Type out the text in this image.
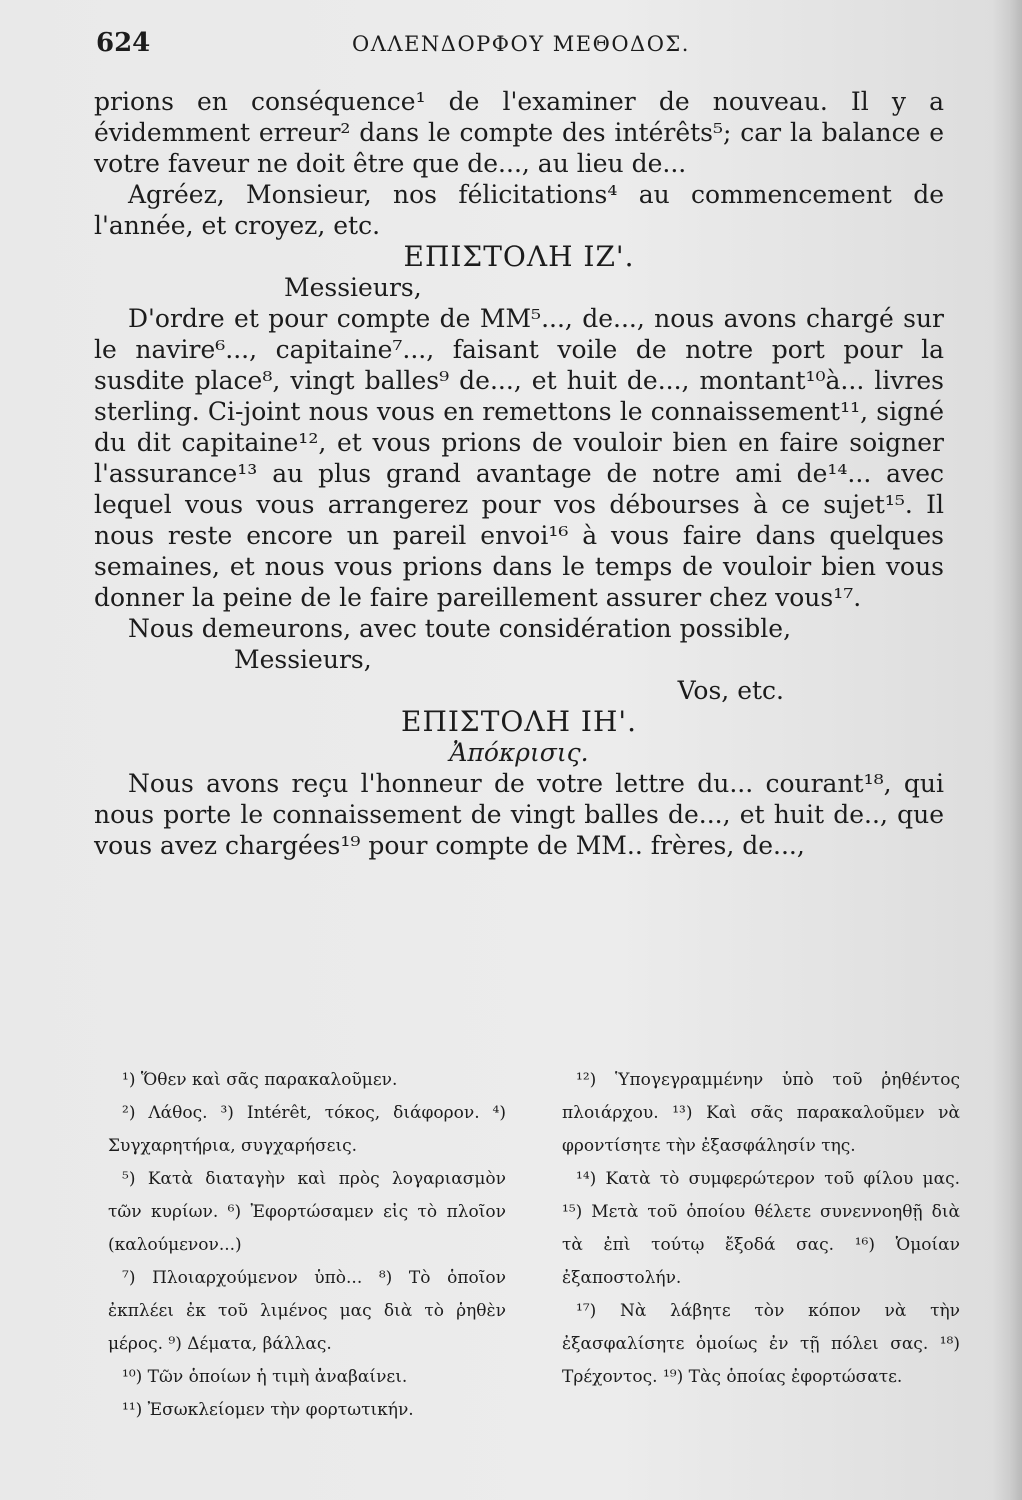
624	ΟΛΛΕΝΔΟΡΦΟΥ ΜΕΘΟΔΟΣ.

prions en conséquence¹ de l'examiner de nouveau. Il y a évidemment erreur² dans le compte des intérêts⁵; car la balance e votre faveur ne doit être que de..., au lieu de...

Agréez, Monsieur, nos félicitations⁴ au commencement de l'année, et croyez, etc.

ΕΠΙΣΤΟΛΗ ΙΖ'.

Messieurs,

D'ordre et pour compte de MM⁵..., de..., nous avons chargé sur le navire⁶..., capitaine⁷..., faisant voile de notre port pour la susdite place⁸, vingt balles⁹ de..., et huit de..., montant¹⁰à... livres sterling. Ci-joint nous vous en remettons le connaissement¹¹, signé du dit capitaine¹², et vous prions de vouloir bien en faire soigner l'assurance¹³ au plus grand avantage de notre ami de¹⁴... avec lequel vous vous arrangerez pour vos débourses à ce sujet¹⁵. Il nous reste encore un pareil envoi¹⁶ à vous faire dans quelques semaines, et nous vous prions dans le temps de vouloir bien vous donner la peine de le faire pareillement assurer chez vous¹⁷.

Nous demeurons, avec toute considération possible,

Messieurs,

Vos, etc.

ΕΠΙΣΤΟΛΗ ΙΗ'.

Ἀπόκρισις.

Nous avons reçu l'honneur de votre lettre du... courant¹⁸, qui nous porte le connaissement de vingt balles de..., et huit de.., que vous avez chargées¹⁹ pour compte de MM.. frères, de...,

¹) Ὅθεν καὶ σᾶς παρακαλοῦμεν.

²) Λάθος. ³) Intérêt, τόκος, διάφορον. ⁴) Συγχαρητήρια, συγχαρήσεις.

⁵) Κατὰ διαταγὴν καὶ πρὸς λογαριασμὸν τῶν κυρίων. ⁶) Ἐφορτώσαμεν εἰς τὸ πλοῖον (καλούμενον...)

⁷) Πλοιαρχούμενον ὑπὸ... ⁸) Τὸ ὁποῖον ἐκπλέει ἐκ τοῦ λιμένος μας διὰ τὸ ῥηθὲν μέρος. ⁹) Δέματα, βάλλας.

¹⁰) Τῶν ὁποίων ἡ τιμὴ ἀναβαίνει.

¹¹) Ἐσωκλείομεν τὴν φορτωτικήν.

¹²) Ὑπογεγραμμένην ὑπὸ τοῦ ῥηθέντος πλοιάρχου. ¹³) Καὶ σᾶς παρακαλοῦμεν νὰ φροντίσητε τὴν ἐξασφάλησίν της.

¹⁴) Κατὰ τὸ συμφερώτερον τοῦ φίλου μας. ¹⁵) Μετὰ τοῦ ὁποίου θέλετε συνεννοηθῇ διὰ τὰ ἐπὶ τούτῳ ἔξοδά σας. ¹⁶) Ὁμοίαν ἐξαποστολήν.

¹⁷) Νὰ λάβητε τὸν κόπον νὰ τὴν ἐξασφαλίσητε ὁμοίως ἐν τῇ πόλει σας. ¹⁸) Τρέχοντος. ¹⁹) Τὰς ὁποίας ἐφορτώσατε.
